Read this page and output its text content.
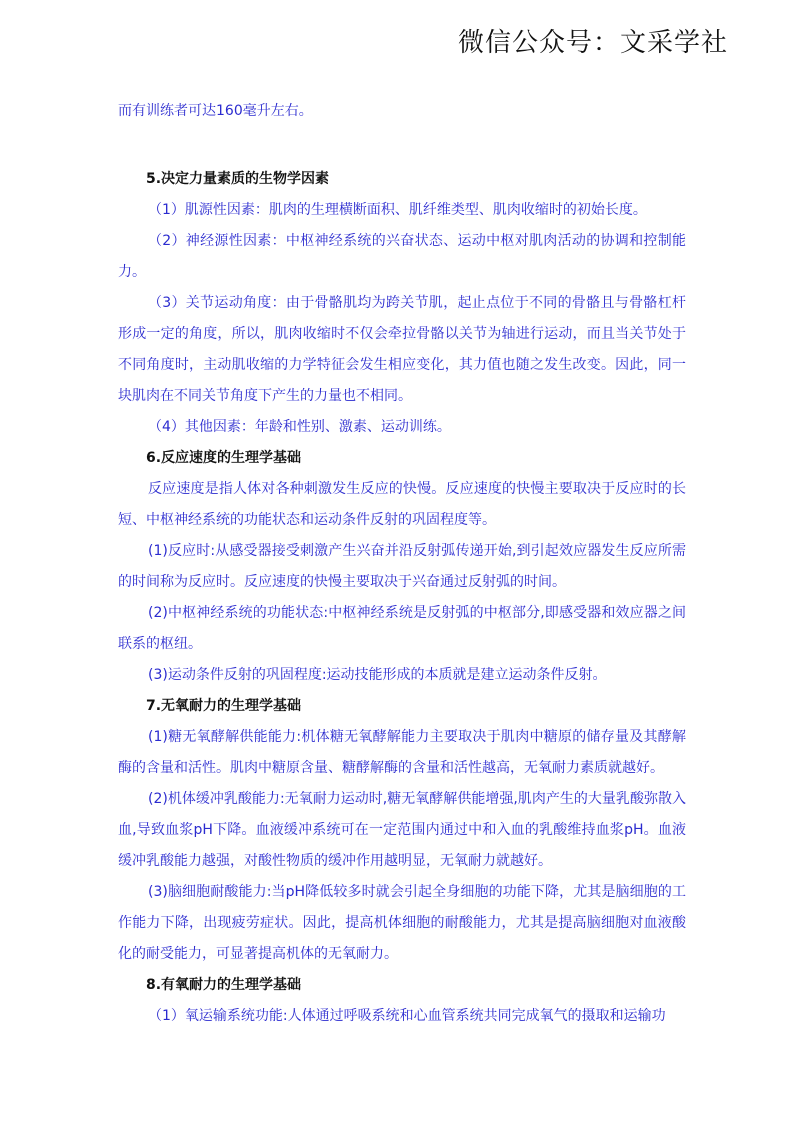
微信公众号：文采学社

而有训练者可达160毫升左右。

5.决定力量素质的生物学因素

（1）肌源性因素：肌肉的生理横断面积、肌纤维类型、肌肉收缩时的初始长度。

（2）神经源性因素：中枢神经系统的兴奋状态、运动中枢对肌肉活动的协调和控制能力。

（3）关节运动角度：由于骨骼肌均为跨关节肌，起止点位于不同的骨骼且与骨骼杠杆形成一定的角度，所以，肌肉收缩时不仅会牵拉骨骼以关节为轴进行运动，而且当关节处于不同角度时，主动肌收缩的力学特征会发生相应变化，其力值也随之发生改变。因此，同一块肌肉在不同关节角度下产生的力量也不相同。

（4）其他因素：年龄和性别、激素、运动训练。

6.反应速度的生理学基础

反应速度是指人体对各种刺激发生反应的快慢。反应速度的快慢主要取决于反应时的长短、中枢神经系统的功能状态和运动条件反射的巩固程度等。

(1)反应时:从感受器接受刺激产生兴奋并沿反射弧传递开始,到引起效应器发生反应所需的时间称为反应时。反应速度的快慢主要取决于兴奋通过反射弧的时间。

(2)中枢神经系统的功能状态:中枢神经系统是反射弧的中枢部分,即感受器和效应器之间联系的枢纽。

(3)运动条件反射的巩固程度:运动技能形成的本质就是建立运动条件反射。

7.无氧耐力的生理学基础

(1)糖无氧酵解供能能力:机体糖无氧酵解能力主要取决于肌肉中糖原的储存量及其酵解酶的含量和活性。肌肉中糖原含量、糖酵解酶的含量和活性越高，无氧耐力素质就越好。

(2)机体缓冲乳酸能力:无氧耐力运动时,糖无氧酵解供能增强,肌肉产生的大量乳酸弥散入血,导致血浆pH下降。血液缓冲系统可在一定范围内通过中和入血的乳酸维持血浆pH。血液缓冲乳酸能力越强，对酸性物质的缓冲作用越明显，无氧耐力就越好。

(3)脑细胞耐酸能力:当pH降低较多时就会引起全身细胞的功能下降，尤其是脑细胞的工作能力下降，出现疲劳症状。因此，提高机体细胞的耐酸能力，尤其是提高脑细胞对血液酸化的耐受能力，可显著提高机体的无氧耐力。

8.有氧耐力的生理学基础

（1）氧运输系统功能:人体通过呼吸系统和心血管系统共同完成氧气的摄取和运输功
